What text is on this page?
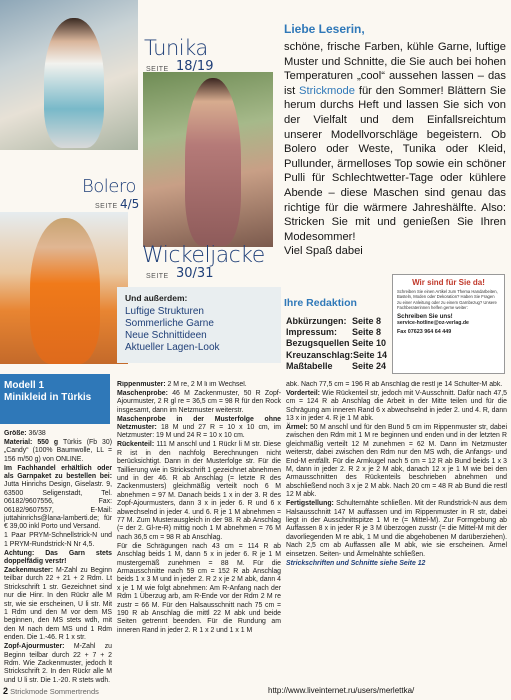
Tunika
SEITE 18/19
Bolero
SEITE 4/5
Wickeljacke
SEITE 30/31
Liebe Leserin,
schöne, frische Farben, kühle Garne, luftige Muster und Schnitte, die Sie auch bei hohen Temperaturen „cool“ aussehen lassen – das ist Strickmode für den Sommer! Blättern Sie herum durchs Heft und lassen Sie sich von der Vielfalt und dem Einfallsreichtum unserer Modellvorschläge begeistern. Ob Bolero oder Weste, Tunika oder Kleid, Pullunder, ärmelloses Top sowie ein schöner Pulli für Schlechtwetter-Tage oder kühlere Abende – diese Maschen sind genau das richtige für die wärmere Jahreshälfte. Also: Stricken Sie mit und genießen Sie Ihren Modesommer!
Viel Spaß dabei
Ihre Redaktion
Abkürzungen: Seite 8
Impressum:	Seite 8
Bezugsquellen Seite 10
Kreuzanschlag: Seite 14
Maßtabelle	Seite 24
Wir sind für Sie da!
Schreiben Sie einen Artikel zum Thema Handarbeiten, Basteln, Moden oder Dekoration? Haben Sie Fragen zu einer Anleitung oder zu einem Garnbezug? Unsere Fachberaterinnen helfen gerne weiter:
Schreiben Sie uns!
service-hotline@oz-verlag.de
Fax 07623 964 64 449
Und außerdem:
Luftige Strukturen
Sommerliche Garne
Neue Schnittideen
Aktueller Lagen-Look
Modell 1
Minikleid in Türkis

Größe: 36/38

Material: 550 g Türkis (Fb 30) „Candy“ (100% Baumwolle, LL = 156 m/50 g) von ONLINE.

Im Fachhandel erhältlich oder als Garnpaket zu bestellen bei: Jutta Hinrichs Design, Giselastr. 9, 63500 Seligenstadt, Tel. 06182/9607556, Fax: 06182/9607557, E-Mail: juttahinrichs@lana-lamberti.de; für € 39,00 inkl Porto und Versand.

1 Paar PRYM-Schnellstrick-N und 1 PRYM-Rundstrick-N Nr 4,5.

Achtung: Das Garn stets doppelfädig verstr!

Zackenmuster: M-Zahl zu Beginn teilbar durch 22 + 21 + 2 Rdm. Lt Strickschrift 1 str. Gezeichnet sind nur die Hinr. In den Rückr alle M str, wie sie erscheinen, U li str. Mit 1 Rdm und den M vor dem MS beginnen, den MS stets wdh, mit den M nach dem MS und 1 Rdm enden. Die 1.-46. R 1 x str.

Zopf-Ajourmuster: M-Zahl zu Beginn teilbar durch 22 + 7 + 2 Rdm. Wie Zackenmuster, jedoch lt Strickschrift 2. In den Rückr alle M und U li str. Die 1.-20. R stets wdh.

Rippenmuster: 2 M re, 2 M li im Wechsel.

Maschenprobe: 46 M Zackenmuster, 50 R Zopf-Ajourmuster, 2 R gl re = 36,5 cm = 98 R für den Rock insgesamt, dann im Netzmuster weiterstr.

Maschenprobe in der Musterfolge ohne Netzmuster: 18 M und 27 R = 10 x 10 cm, im Netzmuster: 19 M und 24 R = 10 x 10 cm.

Rückenteil: 111 M anschl und 1 Rückr li M str. Diese R ist in den nachfolg Berechnungen nicht berücksichtigt. Dann in der Musterfolge str. Für die Taillierung wie in Strickschrift 1 gezeichnet abnehmen und in der 46. R ab Anschlag (= letzte R des Zackenmusters) gleichmäßig verteilt noch 6 M abnehmen = 97 M. Danach beids 1 x in der 3. R des Zopf-Ajourmusters, dann 3 x in jeder 6. R und 6 x abwechselnd in jeder 4. und 6. R je 1 M abnehmen = 77 M. Zum Musterausgleich in der 98. R ab Anschlag (= der 2. Gl-re-R) mittig noch 1 M abnehmen = 76 M nach 36,5 cm = 98 R ab Anschlag.

Für die Schrägungen nach 43 cm = 114 R ab Anschlag beids 1 M, dann 5 x in jeder 6. R je 1 M mustergemäß zunehmen = 88 M. Für die Armausschnitte nach 59 cm = 152 R ab Anschlag beids 1 x 3 M und in jeder 2. R 2 x je 2 M abk, dann 4 x je 1 M wie folgt abnehmen: Am R-Anfang nach der Rdm 1 Überzug arb, am R-Ende vor der Rdm 2 M re zustr = 66 M. Für den Halsausschnitt nach 75 cm = 190 R ab Anschlag die mittl 22 M abk und beide Seiten getrennt beenden. Für die Rundung am inneren Rand in jeder 2. R 1 x 2 und 1 x 1 M

abk. Nach 77,5 cm = 196 R ab Anschlag die restl je 14 Schulter-M abk.

Vorderteil: Wie Rückenteil str, jedoch mit V-Ausschnitt. Dafür nach 47,5 cm = 124 R ab Anschlag die Arbeit in der Mitte teilen und für die Schrägung am inneren Rand 6 x abwechselnd in jeder 2. und 4. R, dann 13 x in jeder 4. R je 1 M abk.

Ärmel: 50 M anschl und für den Bund 5 cm im Rippenmuster str, dabei zwischen den Rdm mit 1 M re beginnen und enden und in der letzten R gleichmäßig verteilt 12 M zunehmen = 62 M. Dann im Netzmuster weiterstr, dabei zwischen den Rdm nur den MS wdh, die Anfangs- und End-M entfällt. Für die Armkugel nach 5 cm = 12 R ab Bund beids 1 x 3 M, dann in jeder 2. R 2 x je 2 M abk, danach 12 x je 1 M wie bei den Armausschnitten des Rückenteils beschrieben abnehmen und abschließend noch 3 x je 2 M abk. Nach 20 cm = 48 R ab Bund die restl 12 M abk.

Fertigstellung: Schulternähte schließen. Mit der Rundstrick-N aus dem Halsausschnitt 147 M auffassen und im Rippenmuster in R str, dabei liegt in der Ausschnittspitze 1 M re (= Mittel-M). Zur Formgebung ab Auffassen 8 x in jeder R je 3 M überzogen zusstr (= die Mittel-M mit der davorliegenden M re abk, 1 M und die abgehobenen M darüberziehen). Nach 2,5 cm ab Auffassen alle M abk, wie sie erscheinen. Ärmel einsetzen. Seiten- und Ärmelnähte schließen.

Strickschriften und Schnitte siehe Seite 12

2 Strickmode Sommertrends	http://www.liveinternet.ru/users/merlettka/
